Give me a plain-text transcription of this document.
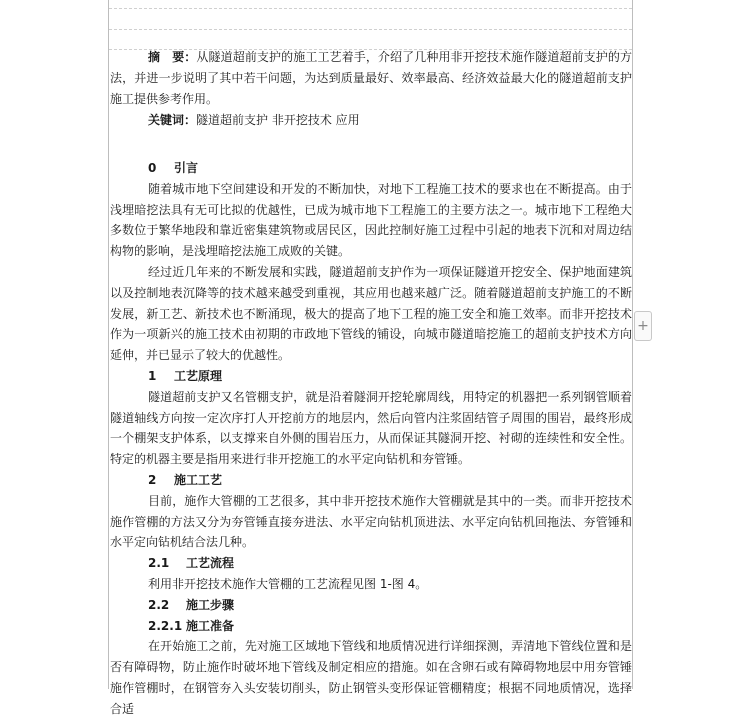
+

摘　要：从隧道超前支护的施工工艺着手，介绍了几种用非开挖技术施作隧道超前支护的方法，并进一步说明了其中若干问题，为达到质量最好、效率最高、经济效益最大化的隧道超前支护施工提供参考作用。

关键词：隧道超前支护 非开挖技术 应用

0 引言

随着城市地下空间建设和开发的不断加快，对地下工程施工技术的要求也在不断提高。由于浅埋暗挖法具有无可比拟的优越性，已成为城市地下工程施工的主要方法之一。城市地下工程绝大多数位于繁华地段和靠近密集建筑物或居民区，因此控制好施工过程中引起的地表下沉和对周边结构物的影响，是浅埋暗挖法施工成败的关键。

经过近几年来的不断发展和实践，隧道超前支护作为一项保证隧道开挖安全、保护地面建筑以及控制地表沉降等的技术越来越受到重视，其应用也越来越广泛。随着隧道超前支护施工的不断发展，新工艺、新技术也不断涌现，极大的提高了地下工程的施工安全和施工效率。而非开挖技术作为一项新兴的施工技术由初期的市政地下管线的铺设，向城市隧道暗挖施工的超前支护技术方向延伸，并已显示了较大的优越性。

1 工艺原理

隧道超前支护又名管棚支护，就是沿着隧洞开挖轮廓周线，用特定的机器把一系列钢管顺着隧道轴线方向按一定次序打人开挖前方的地层内，然后向管内注浆固结管子周围的围岩，最终形成一个棚架支护体系，以支撑来自外侧的围岩压力，从而保证其隧洞开挖、衬砌的连续性和安全性。特定的机器主要是指用来进行非开挖施工的水平定向钻机和夯管锤。

2 施工工艺

目前，施作大管棚的工艺很多，其中非开挖技术施作大管棚就是其中的一类。而非开挖技术施作管棚的方法又分为夯管锤直接夯进法、水平定向钻机顶进法、水平定向钻机回拖法、夯管锤和水平定向钻机结合法几种。

2.1 工艺流程

利用非开挖技术施作大管棚的工艺流程见图 1-图 4。

2.2 施工步骤

2.2.1 施工准备

在开始施工之前，先对施工区域地下管线和地质情况进行详细探测，弄清地下管线位置和是否有障碍物，防止施作时破坏地下管线及制定相应的措施。如在含卵石或有障碍物地层中用夯管锤施作管棚时，在钢管夯入头安装切削头，防止钢管头变形保证管棚精度；根据不同地质情况，选择合适
